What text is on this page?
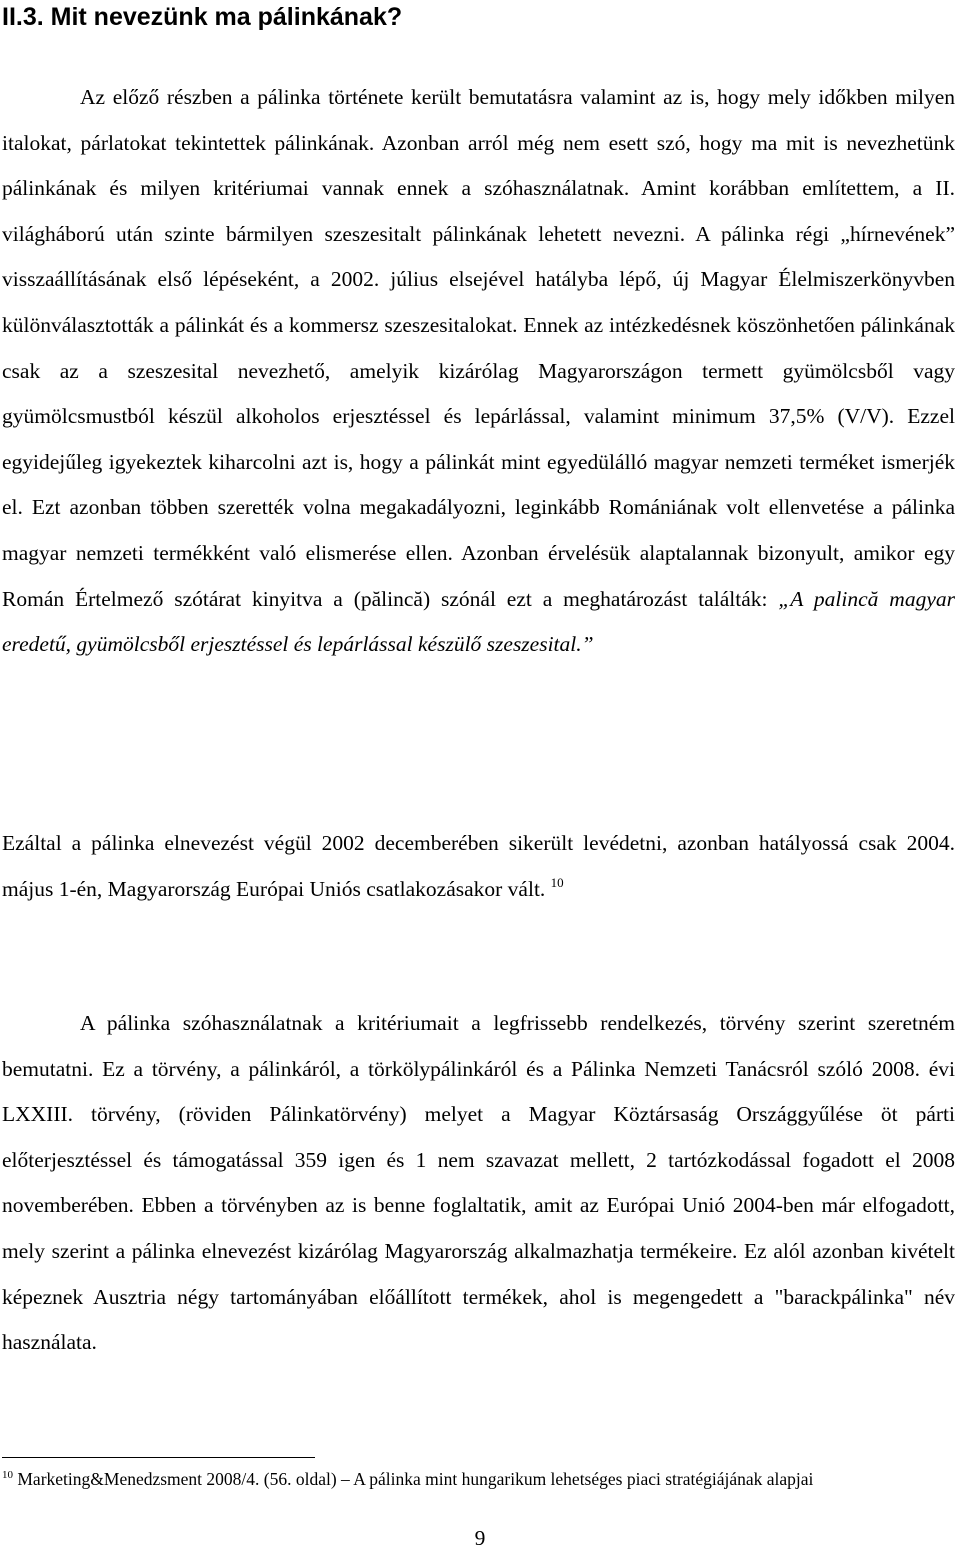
II.3. Mit nevezünk ma pálinkának?

Az előző részben a pálinka története került bemutatásra valamint az is, hogy mely időkben milyen italokat, párlatokat tekintettek pálinkának. Azonban arról még nem esett szó, hogy ma mit is nevezhetünk pálinkának és milyen kritériumai vannak ennek a szóhasználatnak. Amint korábban említettem, a II. világháború után szinte bármilyen szeszesitalt pálinkának lehetett nevezni. A pálinka régi „hírnevének” visszaállításának első lépéseként, a 2002. július elsejével hatályba lépő, új Magyar Élelmiszerkönyvben különválasztották a pálinkát és a kommersz szeszesitalokat. Ennek az intézkedésnek köszönhetően pálinkának csak az a szeszesital nevezhető, amelyik kizárólag Magyarországon termett gyümölcsből vagy gyümölcsmustból készül alkoholos erjesztéssel és lepárlással, valamint minimum 37,5% (V/V). Ezzel egyidejűleg igyekeztek kiharcolni azt is, hogy a pálinkát mint egyedülálló magyar nemzeti terméket ismerjék el. Ezt azonban többen szerették volna megakadályozni, leginkább Romániának volt ellenvetése a pálinka magyar nemzeti termékként való elismerése ellen. Azonban érvelésük alaptalannak bizonyult, amikor egy Román Értelmező szótárat kinyitva a (pălincă) szónál ezt a meghatározást találták: „A palincă magyar eredetű, gyümölcsből erjesztéssel és lepárlással készülő szeszesital.”

Ezáltal a pálinka elnevezést végül 2002 decemberében sikerült levédetni, azonban hatályossá csak 2004. május 1-én, Magyarország Európai Uniós csatlakozásakor vált. $^{10}$

A pálinka szóhasználatnak a kritériumait a legfrissebb rendelkezés, törvény szerint szeretném bemutatni. Ez a törvény, a pálinkáról, a törkölypálinkáról és a Pálinka Nemzeti Tanácsról szóló 2008. évi LXXIII. törvény, (röviden Pálinkatörvény) melyet a Magyar Köztársaság Országgyűlése öt párti előterjesztéssel és támogatással 359 igen és 1 nem szavazat mellett, 2 tartózkodással fogadott el 2008 novemberében. Ebben a törvényben az is benne foglaltatik, amit az Európai Unió 2004-ben már elfogadott, mely szerint a pálinka elnevezést kizárólag Magyarország alkalmazhatja termékeire. Ez alól azonban kivételt képeznek Ausztria négy tartományában előállított termékek, ahol is megengedett a "barackpálinka" név használata.

$^{10}$ Marketing&Menedzsment 2008/4. (56. oldal) – A pálinka mint hungarikum lehetséges piaci stratégiájának alapjai

9
